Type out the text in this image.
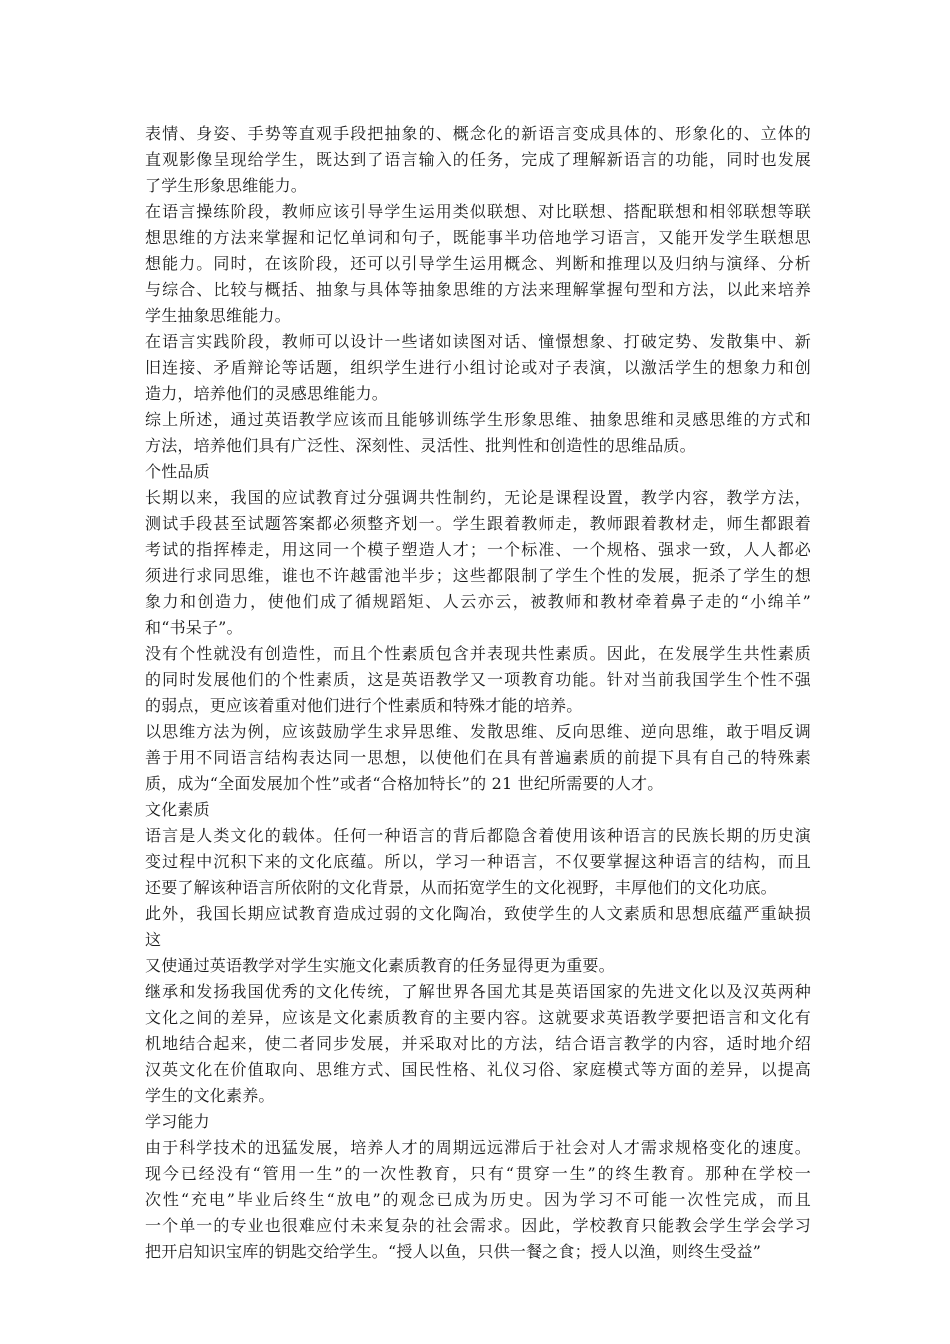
表情、身姿、手势等直观手段把抽象的、概念化的新语言变成具体的、形象化的、立体的
直观影像呈现给学生，既达到了语言输入的任务，完成了理解新语言的功能，同时也发展
了学生形象思维能力。
在语言操练阶段，教师应该引导学生运用类似联想、对比联想、搭配联想和相邻联想等联
想思维的方法来掌握和记忆单词和句子，既能事半功倍地学习语言，又能开发学生联想思
想能力。同时，在该阶段，还可以引导学生运用概念、判断和推理以及归纳与演绎、分析
与综合、比较与概括、抽象与具体等抽象思维的方法来理解掌握句型和方法，以此来培养
学生抽象思维能力。
在语言实践阶段，教师可以设计一些诸如读图对话、憧憬想象、打破定势、发散集中、新
旧连接、矛盾辩论等话题，组织学生进行小组讨论或对子表演，以激活学生的想象力和创
造力，培养他们的灵感思维能力。
综上所述，通过英语教学应该而且能够训练学生形象思维、抽象思维和灵感思维的方式和
方法，培养他们具有广泛性、深刻性、灵活性、批判性和创造性的思维品质。
个性品质
长期以来，我国的应试教育过分强调共性制约，无论是课程设置，教学内容，教学方法，
测试手段甚至试题答案都必须整齐划一。学生跟着教师走，教师跟着教材走，师生都跟着
考试的指挥棒走，用这同一个模子塑造人才；一个标准、一个规格、强求一致，人人都必
须进行求同思维，谁也不许越雷池半步；这些都限制了学生个性的发展，扼杀了学生的想
象力和创造力，使他们成了循规蹈矩、人云亦云，被教师和教材牵着鼻子走的“小绵羊”
和“书呆子”。
没有个性就没有创造性，而且个性素质包含并表现共性素质。因此，在发展学生共性素质
的同时发展他们的个性素质，这是英语教学又一项教育功能。针对当前我国学生个性不强
的弱点，更应该着重对他们进行个性素质和特殊才能的培养。
以思维方法为例，应该鼓励学生求异思维、发散思维、反向思维、逆向思维，敢于唱反调
善于用不同语言结构表达同一思想，以使他们在具有普遍素质的前提下具有自己的特殊素
质，成为“全面发展加个性”或者“合格加特长”的 21 世纪所需要的人才。
文化素质
语言是人类文化的载体。任何一种语言的背后都隐含着使用该种语言的民族长期的历史演
变过程中沉积下来的文化底蕴。所以，学习一种语言，不仅要掌握这种语言的结构，而且
还要了解该种语言所依附的文化背景，从而拓宽学生的文化视野，丰厚他们的文化功底。
此外，我国长期应试教育造成过弱的文化陶冶，致使学生的人文素质和思想底蕴严重缺损
这
又使通过英语教学对学生实施文化素质教育的任务显得更为重要。
继承和发扬我国优秀的文化传统，了解世界各国尤其是英语国家的先进文化以及汉英两种
文化之间的差异，应该是文化素质教育的主要内容。这就要求英语教学要把语言和文化有
机地结合起来，使二者同步发展，并采取对比的方法，结合语言教学的内容，适时地介绍
汉英文化在价值取向、思维方式、国民性格、礼仪习俗、家庭模式等方面的差异，以提高
学生的文化素养。
学习能力
由于科学技术的迅猛发展，培养人才的周期远远滞后于社会对人才需求规格变化的速度。
现今已经没有“管用一生”的一次性教育，只有“贯穿一生”的终生教育。那种在学校一
次性“充电”毕业后终生“放电”的观念已成为历史。因为学习不可能一次性完成，而且
一个单一的专业也很难应付未来复杂的社会需求。因此，学校教育只能教会学生学会学习
把开启知识宝库的钥匙交给学生。“授人以鱼，只供一餐之食；授人以渔，则终生受益”
